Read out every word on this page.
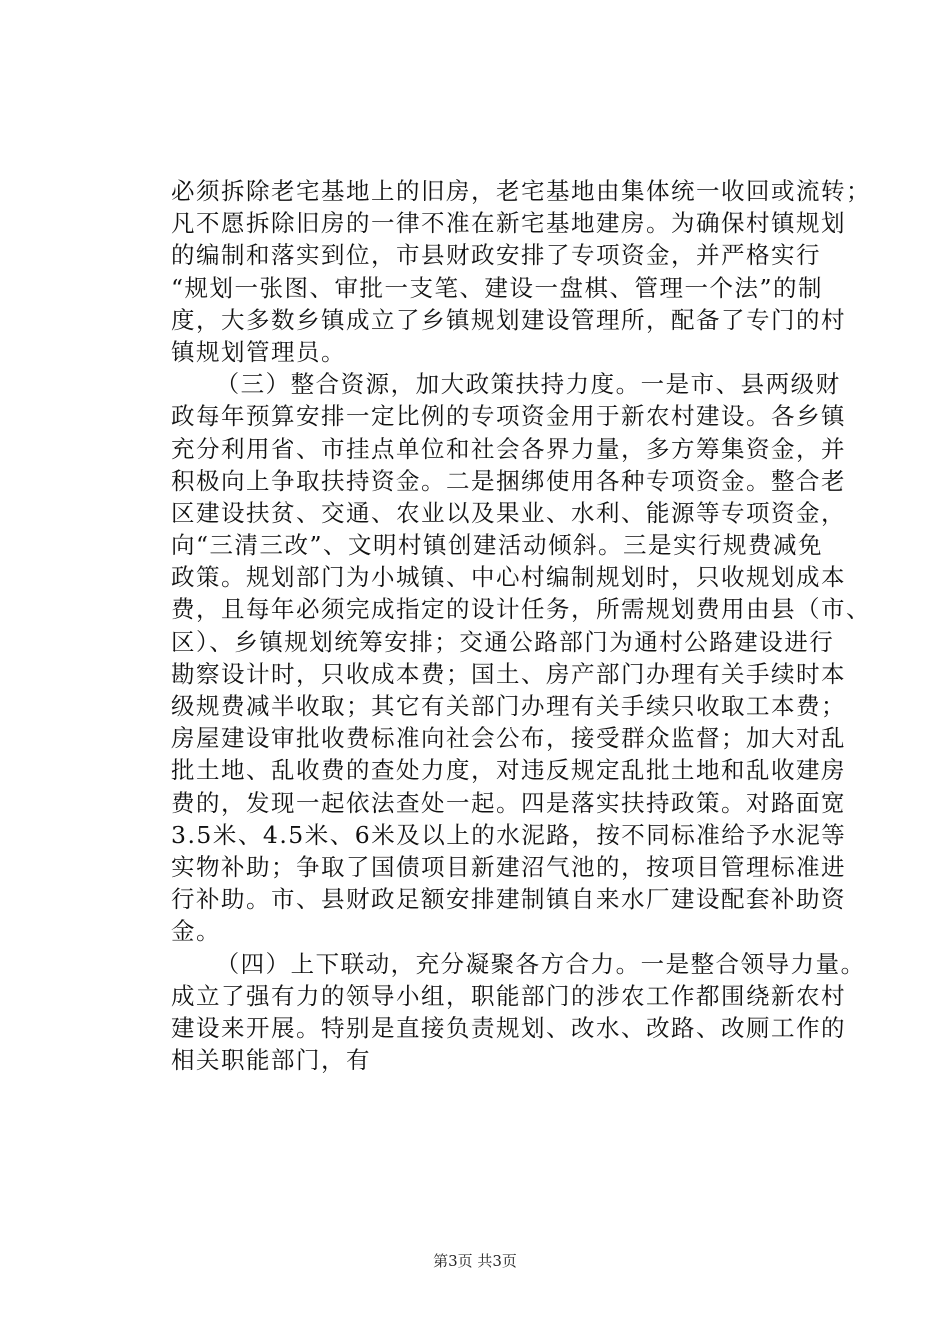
必须拆除老宅基地上的旧房，老宅基地由集体统一收回或流转；
凡不愿拆除旧房的一律不准在新宅基地建房。为确保村镇规划
的编制和落实到位，市县财政安排了专项资金，并严格实行
“规划一张图、审批一支笔、建设一盘棋、管理一个法”的制
度，大多数乡镇成立了乡镇规划建设管理所，配备了专门的村
镇规划管理员。
（三）整合资源，加大政策扶持力度。一是市、县两级财
政每年预算安排一定比例的专项资金用于新农村建设。各乡镇
充分利用省、市挂点单位和社会各界力量，多方筹集资金，并
积极向上争取扶持资金。二是捆绑使用各种专项资金。整合老
区建设扶贫、交通、农业以及果业、水利、能源等专项资金，
向“三清三改”、文明村镇创建活动倾斜。三是实行规费减免
政策。规划部门为小城镇、中心村编制规划时，只收规划成本
费，且每年必须完成指定的设计任务，所需规划费用由县（市、
区）、乡镇规划统筹安排；交通公路部门为通村公路建设进行
勘察设计时，只收成本费；国土、房产部门办理有关手续时本
级规费减半收取；其它有关部门办理有关手续只收取工本费；
房屋建设审批收费标准向社会公布，接受群众监督；加大对乱
批土地、乱收费的查处力度，对违反规定乱批土地和乱收建房
费的，发现一起依法查处一起。四是落实扶持政策。对路面宽
3.5米、4.5米、6米及以上的水泥路，按不同标准给予水泥等
实物补助；争取了国债项目新建沼气池的，按项目管理标准进
行补助。市、县财政足额安排建制镇自来水厂建设配套补助资
金。
（四）上下联动，充分凝聚各方合力。一是整合领导力量。
成立了强有力的领导小组，职能部门的涉农工作都围绕新农村
建设来开展。特别是直接负责规划、改水、改路、改厕工作的
相关职能部门，有
第3页 共3页
